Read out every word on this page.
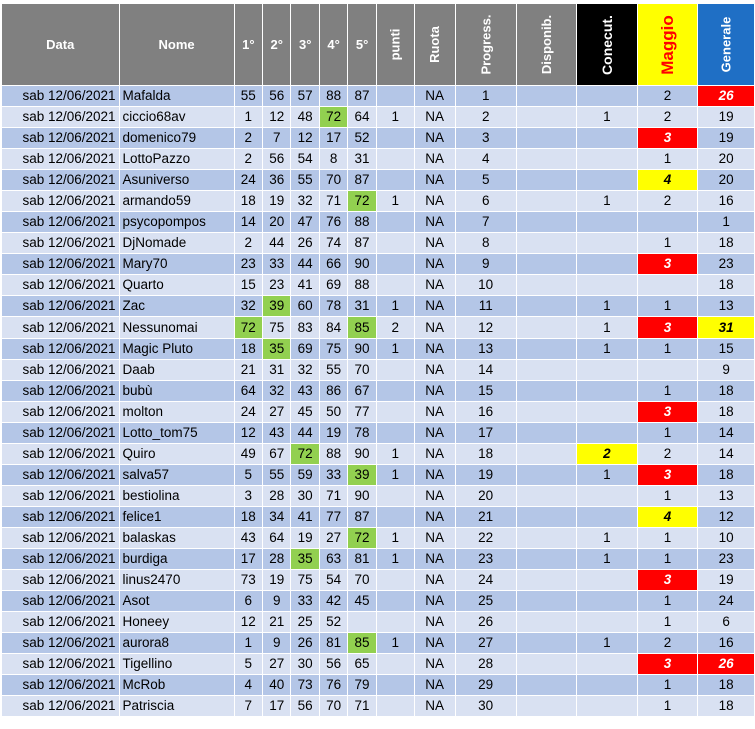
Data	Nome	1°	2°	3°	4°	5°	punti	Ruota	Progress.	Disponib.	Conecut.	Maggio	Generale
sab 12/06/2021	Mafalda	55	56	57	88	87		NA	1			2	26
sab 12/06/2021	ciccio68av	1	12	48	72	64	1	NA	2		1	2	19
sab 12/06/2021	domenico79	2	7	12	17	52		NA	3			3	19
sab 12/06/2021	LottoPazzo	2	56	54	8	31		NA	4			1	20
sab 12/06/2021	Asuniverso	24	36	55	70	87		NA	5			4	20
sab 12/06/2021	armando59	18	19	32	71	72	1	NA	6		1	2	16
sab 12/06/2021	psycopompos	14	20	47	76	88		NA	7				1
sab 12/06/2021	DjNomade	2	44	26	74	87		NA	8			1	18
sab 12/06/2021	Mary70	23	33	44	66	90		NA	9			3	23
sab 12/06/2021	Quarto	15	23	41	69	88		NA	10				18
sab 12/06/2021	Zac	32	39	60	78	31	1	NA	11		1	1	13
sab 12/06/2021	Nessunomai	72	75	83	84	85	2	NA	12		1	3	31
sab 12/06/2021	Magic Pluto	18	35	69	75	90	1	NA	13		1	1	15
sab 12/06/2021	Daab	21	31	32	55	70		NA	14				9
sab 12/06/2021	bubù	64	32	43	86	67		NA	15			1	18
sab 12/06/2021	molton	24	27	45	50	77		NA	16			3	18
sab 12/06/2021	Lotto_tom75	12	43	44	19	78		NA	17			1	14
sab 12/06/2021	Quiro	49	67	72	88	90	1	NA	18		2	2	14
sab 12/06/2021	salva57	5	55	59	33	39	1	NA	19		1	3	18
sab 12/06/2021	bestiolina	3	28	30	71	90		NA	20			1	13
sab 12/06/2021	felice1	18	34	41	77	87		NA	21			4	12
sab 12/06/2021	balaskas	43	64	19	27	72	1	NA	22		1	1	10
sab 12/06/2021	burdiga	17	28	35	63	81	1	NA	23		1	1	23
sab 12/06/2021	linus2470	73	19	75	54	70		NA	24			3	19
sab 12/06/2021	Asot	6	9	33	42	45		NA	25			1	24
sab 12/06/2021	Honeey	12	21	25	52			NA	26			1	6
sab 12/06/2021	aurora8	1	9	26	81	85	1	NA	27		1	2	16
sab 12/06/2021	Tigellino	5	27	30	56	65		NA	28			3	26
sab 12/06/2021	McRob	4	40	73	76	79		NA	29			1	18
sab 12/06/2021	Patriscia	7	17	56	70	71		NA	30			1	18
